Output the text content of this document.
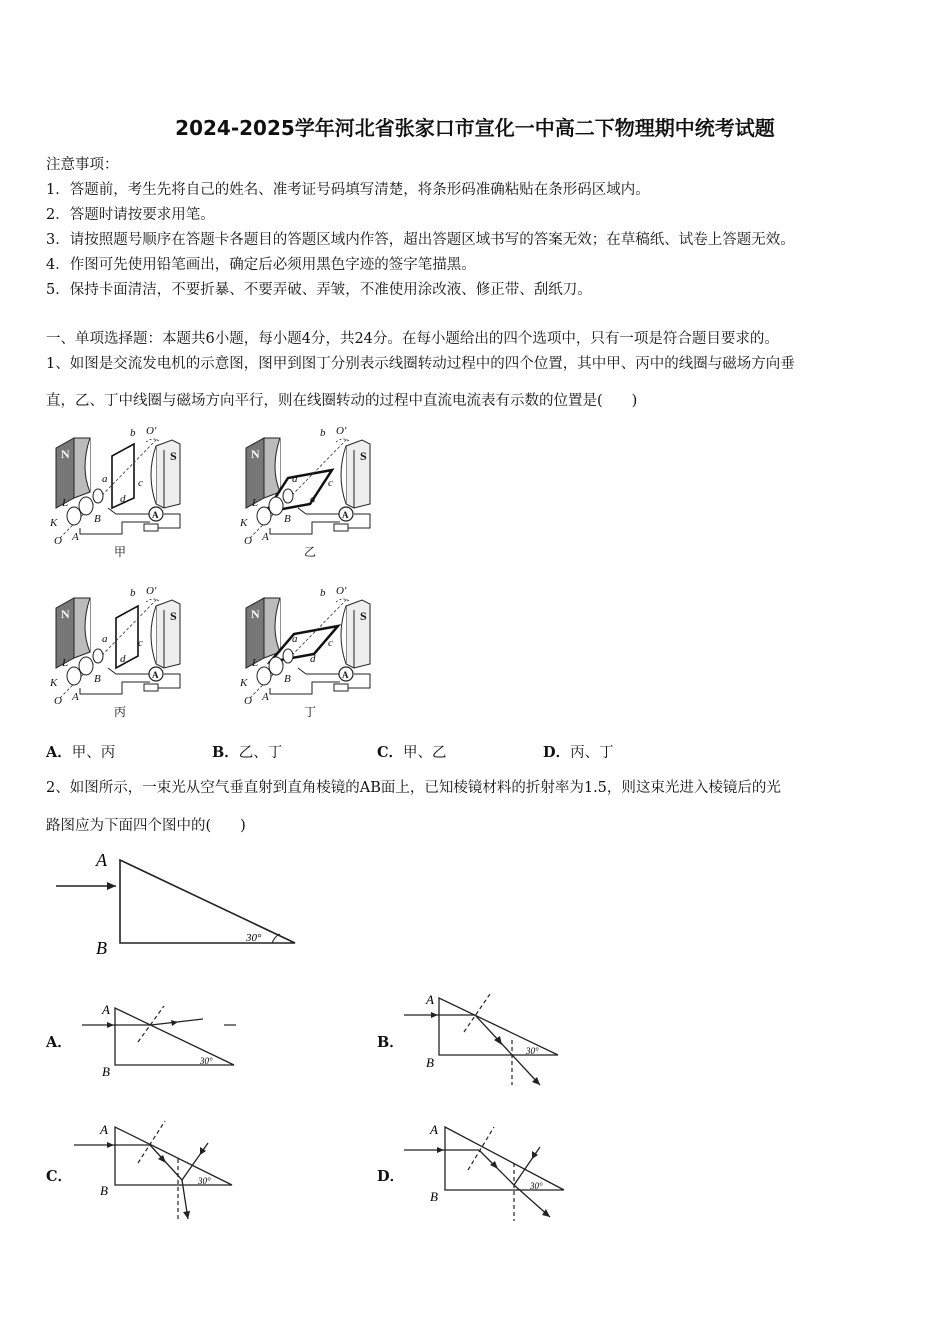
2024-2025学年河北省张家口市宣化一中高二下物理期中统考试题
注意事项：
1．答题前，考生先将自己的姓名、准考证号码填写清楚，将条形码准确粘贴在条形码区域内。
2．答题时请按要求用笔。
3．请按照题号顺序在答题卡各题目的答题区域内作答，超出答题区域书写的答案无效；在草稿纸、试卷上答题无效。
4．作图可先使用铅笔画出，确定后必须用黑色字迹的签字笔描黑。
5．保持卡面清洁，不要折暴、不要弄破、弄皱，不准使用涂改液、修正带、刮纸刀。
一、单项选择题：本题共6小题，每小题4分，共24分。在每小题给出的四个选项中，只有一项是符合题目要求的。
1、如图是交流发电机的示意图，图甲到图丁分别表示线圈转动过程中的四个位置，其中甲、丙中的线圈与磁场方向垂
直，乙、丁中线圈与磁场方向平行，则在线圈转动的过程中直流电流表有示数的位置是(　　)
N	S
a
b
c
d
O′
L
K
O A
B	A
甲
N	S
a
b
c
d
O′
L
K
O A
B	A
乙
N	S
a
b
c
d
O′
L
K
O A
B	A
丙
N	S
a
b
c
d
O′
L
K
O A
B	A
丁
A．甲、丙	B．乙、丁	C．甲、乙	D．丙、丁
2、如图所示，一束光从空气垂直射到直角棱镜的AB面上，已知棱镜材料的折射率为1.5，则这束光进入棱镜后的光
路图应为下面四个图中的(　　)
A
B	30°
A．
A
B
30°
B．
A
B
30°
C．
A
B
30°	D．
A
B
30°
